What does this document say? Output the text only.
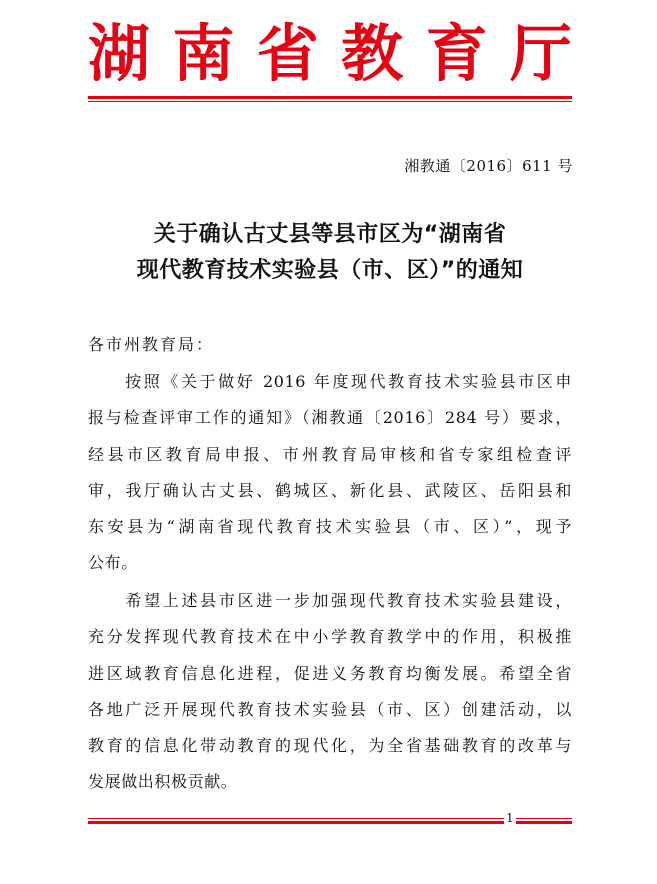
湖 南 省 教 育 厅
湘教通〔2016〕611 号
关于确认古丈县等县市区为“湖南省
现代教育技术实验县（市、区）”的通知
各市州教育局：
　　按照《关于做好 2016 年度现代教育技术实验县市区申
报与检查评审工作的通知》（湘教通〔2016〕284 号）要求，
经县市区教育局申报、市州教育局审核和省专家组检查评
审，我厅确认古丈县、鹤城区、新化县、武陵区、岳阳县和
东安县为“湖南省现代教育技术实验县（市、区）”，现予
公布。
　　希望上述县市区进一步加强现代教育技术实验县建设，
充分发挥现代教育技术在中小学教育教学中的作用，积极推
进区域教育信息化进程，促进义务教育均衡发展。希望全省
各地广泛开展现代教育技术实验县（市、区）创建活动，以
教育的信息化带动教育的现代化，为全省基础教育的改革与
发展做出积极贡献。
1
